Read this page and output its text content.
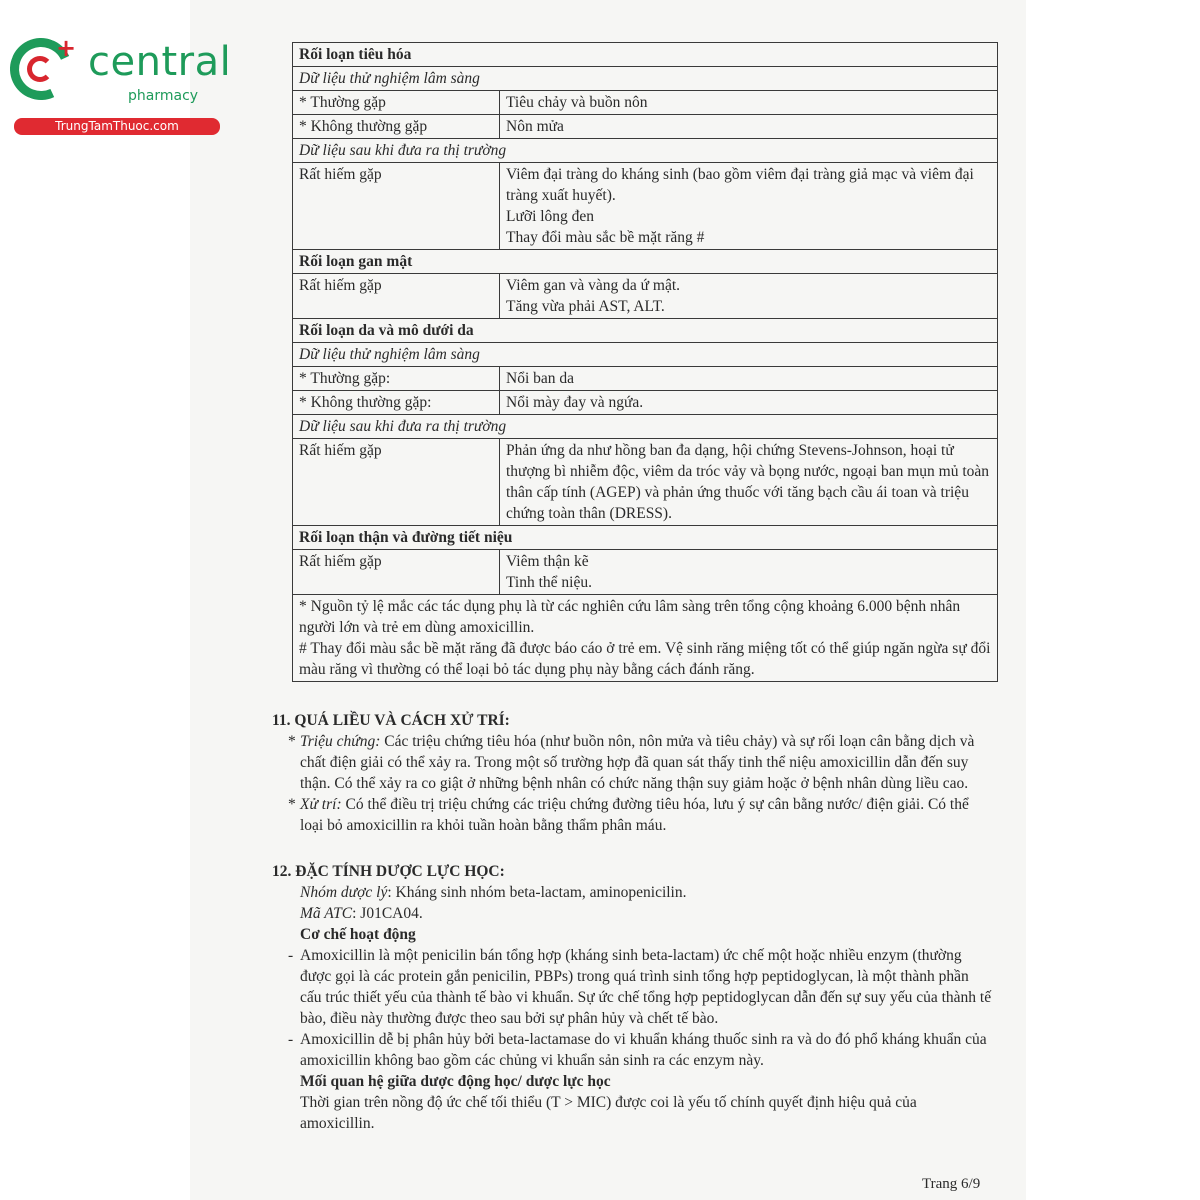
+ central
pharmacy
TrungTamThuoc.com
Rối loạn tiêu hóa	
Dữ liệu thử nghiệm lâm sàng	
* Thường gặp	Tiêu chảy và buồn nôn
* Không thường gặp	Nôn mửa
Dữ liệu sau khi đưa ra thị trường	
Rất hiếm gặp	Viêm đại tràng do kháng sinh (bao gồm viêm đại tràng giả mạc và viêm đại tràng xuất huyết).
Lưỡi lông đen
Thay đổi màu sắc bề mặt răng #

Rối loạn gan mật	
Rất hiếm gặp	Viêm gan và vàng da ứ mật.
Tăng vừa phải AST, ALT.

Rối loạn da và mô dưới da	
Dữ liệu thử nghiệm lâm sàng	
* Thường gặp:	Nổi ban da
* Không thường gặp:	Nổi mày đay và ngứa.
Dữ liệu sau khi đưa ra thị trường	
Rất hiếm gặp	Phản ứng da như hồng ban đa dạng, hội chứng Stevens-Johnson, hoại tử thượng bì nhiễm độc, viêm da tróc vảy và bọng nước, ngoại ban mụn mủ toàn thân cấp tính (AGEP) và phản ứng thuốc với tăng bạch cầu ái toan và triệu chứng toàn thân (DRESS).
Rối loạn thận và đường tiết niệu	
Rất hiếm gặp	Viêm thận kẽ
Tinh thể niệu.

* Nguồn tỷ lệ mắc các tác dụng phụ là từ các nghiên cứu lâm sàng trên tổng cộng khoảng 6.000 bệnh nhân người lớn và trẻ em dùng amoxicillin.
# Thay đổi màu sắc bề mặt răng đã được báo cáo ở trẻ em. Vệ sinh răng miệng tốt có thể giúp ngăn ngừa sự đổi màu răng vì thường có thể loại bỏ tác dụng phụ này bằng cách đánh răng.	
11. QUÁ LIỀU VÀ CÁCH XỬ TRÍ:
* Triệu chứng: Các triệu chứng tiêu hóa (như buồn nôn, nôn mửa và tiêu chảy) và sự rối loạn cân bằng dịch và chất điện giải có thể xảy ra. Trong một số trường hợp đã quan sát thấy tinh thể niệu amoxicillin dẫn đến suy thận. Có thể xảy ra co giật ở những bệnh nhân có chức năng thận suy giảm hoặc ở bệnh nhân dùng liều cao.
* Xử trí: Có thể điều trị triệu chứng các triệu chứng đường tiêu hóa, lưu ý sự cân bằng nước/ điện giải. Có thể loại bỏ amoxicillin ra khỏi tuần hoàn bằng thẩm phân máu.
12. ĐẶC TÍNH DƯỢC LỰC HỌC:
Nhóm dược lý: Kháng sinh nhóm beta-lactam, aminopenicilin.
Mã ATC: J01CA04.
Cơ chế hoạt động
- Amoxicillin là một penicilin bán tổng hợp (kháng sinh beta-lactam) ức chế một hoặc nhiều enzym (thường được gọi là các protein gắn penicilin, PBPs) trong quá trình sinh tổng hợp peptidoglycan, là một thành phần cấu trúc thiết yếu của thành tế bào vi khuẩn. Sự ức chế tổng hợp peptidoglycan dẫn đến sự suy yếu của thành tế bào, điều này thường được theo sau bởi sự phân hủy và chết tế bào.
- Amoxicillin dễ bị phân hủy bởi beta-lactamase do vi khuẩn kháng thuốc sinh ra và do đó phổ kháng khuẩn của amoxicillin không bao gồm các chủng vi khuẩn sản sinh ra các enzym này.
Mối quan hệ giữa dược động học/ dược lực học
Thời gian trên nồng độ ức chế tối thiểu (T > MIC) được coi là yếu tố chính quyết định hiệu quả của amoxicillin.
Trang 6/9
